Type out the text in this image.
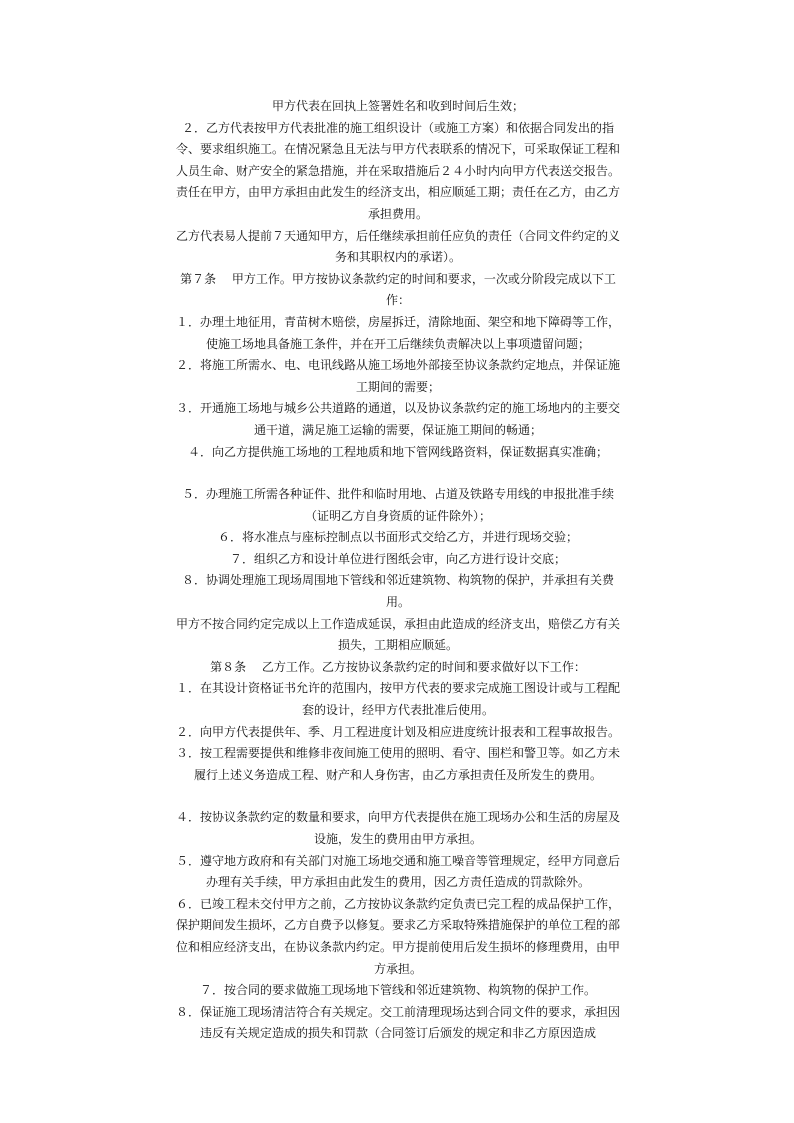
甲方代表在回执上签署姓名和收到时间后生效；

２．乙方代表按甲方代表批准的施工组织设计（或施工方案）和依据合同发出的指令、要求组织施工。在情况紧急且无法与甲方代表联系的情况下，可采取保证工程和人员生命、财产安全的紧急措施，并在采取措施后２４小时内向甲方代表送交报告。责任在甲方，由甲方承担由此发生的经济支出，相应顺延工期；责任在乙方，由乙方承担费用。

乙方代表易人提前７天通知甲方，后任继续承担前任应负的责任（合同文件约定的义务和其职权内的承诺）。

第７条　 甲方工作。甲方按协议条款约定的时间和要求，一次或分阶段完成以下工作：

１．办理土地征用，青苗树木赔偿，房屋拆迁，清除地面、架空和地下障碍等工作，使施工场地具备施工条件，并在开工后继续负责解决以上事项遗留问题；

２．将施工所需水、电、电讯线路从施工场地外部接至协议条款约定地点，并保证施工期间的需要；

３．开通施工场地与城乡公共道路的通道，以及协议条款约定的施工场地内的主要交通干道，满足施工运输的需要，保证施工期间的畅通；

４．向乙方提供施工场地的工程地质和地下管网线路资料，保证数据真实准确；

５．办理施工所需各种证件、批件和临时用地、占道及铁路专用线的申报批准手续（证明乙方自身资质的证件除外）；

６．将水准点与座标控制点以书面形式交给乙方，并进行现场交验；

７．组织乙方和设计单位进行图纸会审，向乙方进行设计交底；

８．协调处理施工现场周围地下管线和邻近建筑物、构筑物的保护，并承担有关费用。

甲方不按合同约定完成以上工作造成延误，承担由此造成的经济支出，赔偿乙方有关损失，工期相应顺延。

第８条　 乙方工作。乙方按协议条款约定的时间和要求做好以下工作：

１．在其设计资格证书允许的范围内，按甲方代表的要求完成施工图设计或与工程配套的设计，经甲方代表批准后使用。

２．向甲方代表提供年、季、月工程进度计划及相应进度统计报表和工程事故报告。

３．按工程需要提供和维修非夜间施工使用的照明、看守、围栏和警卫等。如乙方未履行上述义务造成工程、财产和人身伤害，由乙方承担责任及所发生的费用。

４．按协议条款约定的数量和要求，向甲方代表提供在施工现场办公和生活的房屋及设施，发生的费用由甲方承担。

５．遵守地方政府和有关部门对施工场地交通和施工噪音等管理规定，经甲方同意后办理有关手续，甲方承担由此发生的费用，因乙方责任造成的罚款除外。

６．已竣工程未交付甲方之前，乙方按协议条款约定负责已完工程的成品保护工作，保护期间发生损坏，乙方自费予以修复。要求乙方采取特殊措施保护的单位工程的部位和相应经济支出，在协议条款内约定。甲方提前使用后发生损坏的修理费用，由甲方承担。

７．按合同的要求做施工现场地下管线和邻近建筑物、构筑物的保护工作。

８．保证施工现场清洁符合有关规定。交工前清理现场达到合同文件的要求，承担因违反有关规定造成的损失和罚款（合同签订后颁发的规定和非乙方原因造成
